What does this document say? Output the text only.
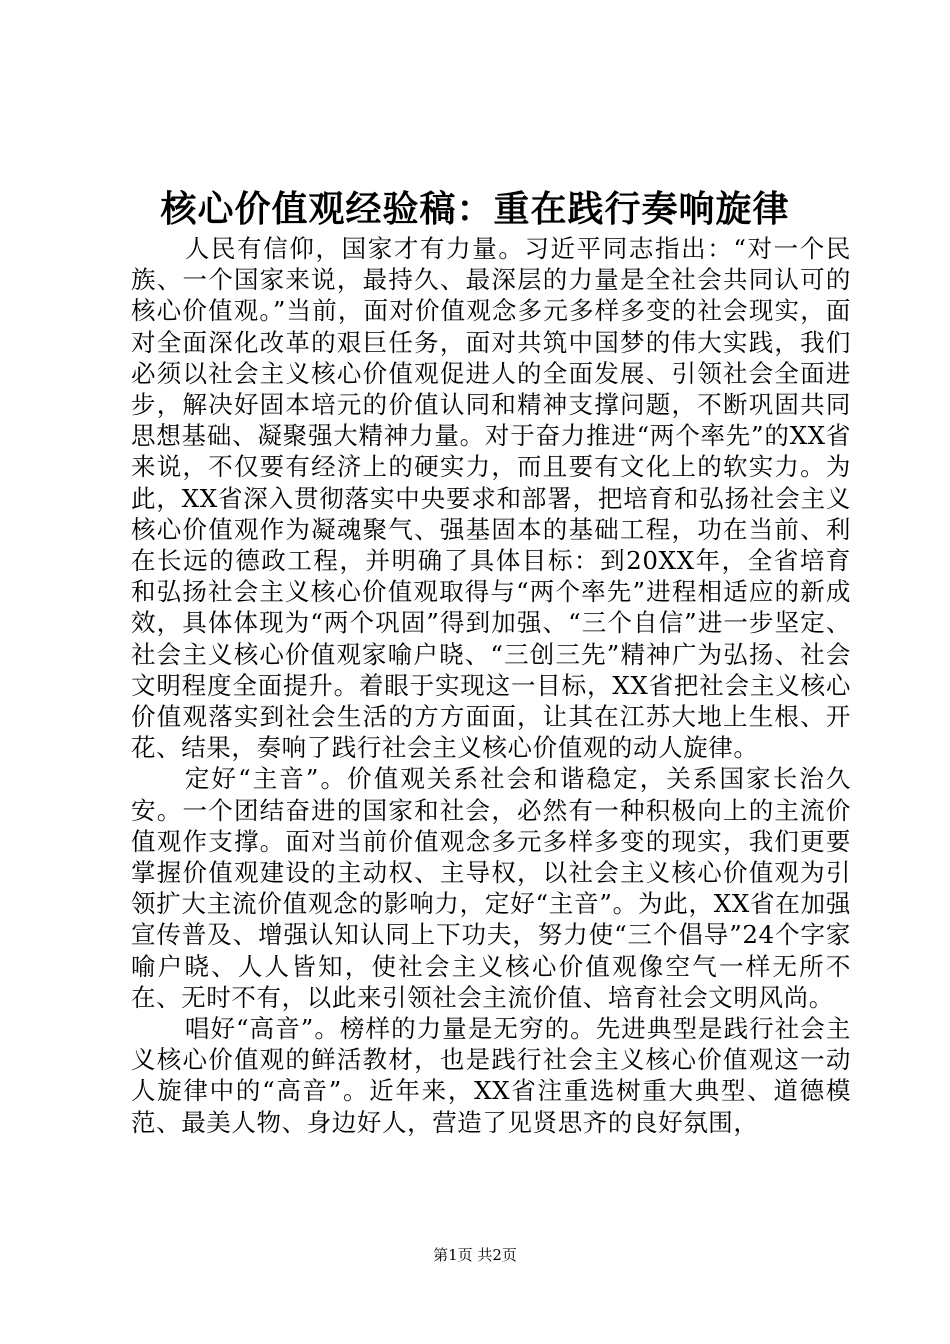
核心价值观经验稿：重在践行奏响旋律

人民有信仰，国家才有力量。习近平同志指出：“对一个民族、一个国家来说，最持久、最深层的力量是全社会共同认可的核心价值观。”当前，面对价值观念多元多样多变的社会现实，面对全面深化改革的艰巨任务，面对共筑中国梦的伟大实践，我们必须以社会主义核心价值观促进人的全面发展、引领社会全面进步，解决好固本培元的价值认同和精神支撑问题，不断巩固共同思想基础、凝聚强大精神力量。对于奋力推进“两个率先”的XX省来说，不仅要有经济上的硬实力，而且要有文化上的软实力。为此，XX省深入贯彻落实中央要求和部署，把培育和弘扬社会主义核心价值观作为凝魂聚气、强基固本的基础工程，功在当前、利在长远的德政工程，并明确了具体目标：到20XX年，全省培育和弘扬社会主义核心价值观取得与“两个率先”进程相适应的新成效，具体体现为“两个巩固”得到加强、“三个自信”进一步坚定、社会主义核心价值观家喻户晓、“三创三先”精神广为弘扬、社会文明程度全面提升。着眼于实现这一目标，XX省把社会主义核心价值观落实到社会生活的方方面面，让其在江苏大地上生根、开花、结果，奏响了践行社会主义核心价值观的动人旋律。

定好“主音”。价值观关系社会和谐稳定，关系国家长治久安。一个团结奋进的国家和社会，必然有一种积极向上的主流价值观作支撑。面对当前价值观念多元多样多变的现实，我们更要掌握价值观建设的主动权、主导权，以社会主义核心价值观为引领扩大主流价值观念的影响力，定好“主音”。为此，XX省在加强宣传普及、增强认知认同上下功夫，努力使“三个倡导”24个字家喻户晓、人人皆知，使社会主义核心价值观像空气一样无所不在、无时不有，以此来引领社会主流价值、培育社会文明风尚。

唱好“高音”。榜样的力量是无穷的。先进典型是践行社会主义核心价值观的鲜活教材，也是践行社会主义核心价值观这一动人旋律中的“高音”。近年来，XX省注重选树重大典型、道德模范、最美人物、身边好人，营造了见贤思齐的良好氛围，

第1页 共2页
